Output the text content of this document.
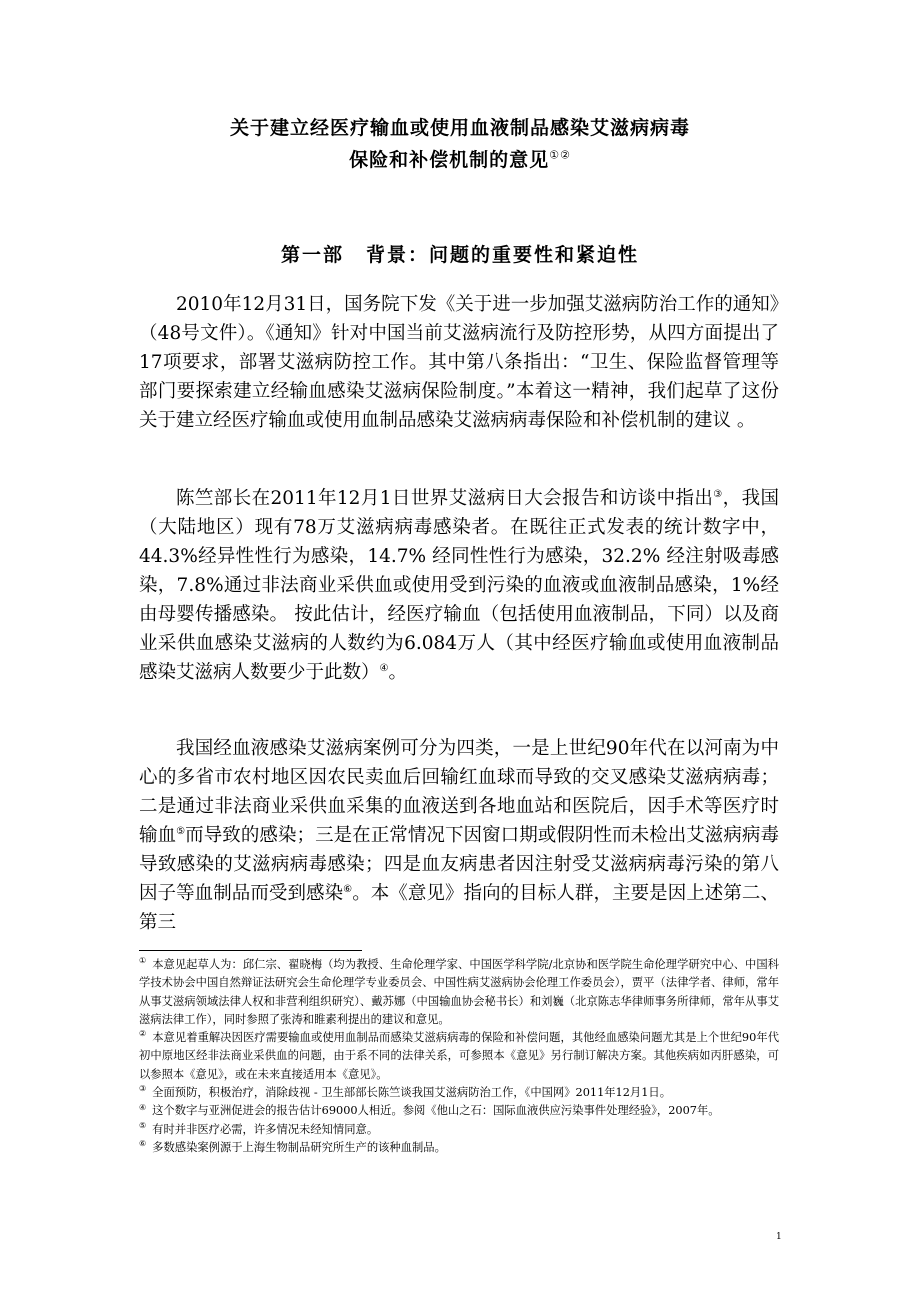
关于建立经医疗输血或使用血液制品感染艾滋病病毒
保险和补偿机制的意见①②
第一部 背景：问题的重要性和紧迫性

2010年12月31日，国务院下发《关于进一步加强艾滋病防治工作的通知》（48号文件）。《通知》针对中国当前艾滋病流行及防控形势，从四方面提出了17项要求，部署艾滋病防控工作。其中第八条指出：“卫生、保险监督管理等部门要探索建立经输血感染艾滋病保险制度。”本着这一精神，我们起草了这份关于建立经医疗输血或使用血制品感染艾滋病病毒保险和补偿机制的建议 。

陈竺部长在2011年12月1日世界艾滋病日大会报告和访谈中指出③，我国（大陆地区）现有78万艾滋病病毒感染者。在既往正式发表的统计数字中，44.3%经异性性行为感染，14.7% 经同性性行为感染，32.2% 经注射吸毒感染，7.8%通过非法商业采供血或使用受到污染的血液或血液制品感染，1%经由母婴传播感染。 按此估计，经医疗输血（包括使用血液制品，下同）以及商业采供血感染艾滋病的人数约为6.084万人（其中经医疗输血或使用血液制品感染艾滋病人数要少于此数）④。

我国经血液感染艾滋病案例可分为四类，一是上世纪90年代在以河南为中心的多省市农村地区因农民卖血后回输红血球而导致的交叉感染艾滋病病毒；二是通过非法商业采供血采集的血液送到各地血站和医院后，因手术等医疗时输血⑤而导致的感染；三是在正常情况下因窗口期或假阴性而未检出艾滋病病毒导致感染的艾滋病病毒感染；四是血友病患者因注射受艾滋病病毒污染的第八因子等血制品而受到感染⑥。本《意见》指向的目标人群，主要是因上述第二、第三

① 本意见起草人为：邱仁宗、翟晓梅（均为教授、生命伦理学家、中国医学科学院/北京协和医学院生命伦理学研究中心、中国科学技术协会中国自然辩证法研究会生命伦理学专业委员会、中国性病艾滋病协会伦理工作委员会），贾平（法律学者、律师，常年从事艾滋病领域法律人权和非营利组织研究）、戴苏娜（中国输血协会秘书长）和刘巍（北京陈志华律师事务所律师，常年从事艾滋病法律工作），同时参照了张涛和睢素利提出的建议和意见。

② 本意见着重解决因医疗需要输血或使用血制品而感染艾滋病病毒的保险和补偿问题，其他经血感染问题尤其是上个世纪90年代初中原地区经非法商业采供血的问题，由于系不同的法律关系，可参照本《意见》另行制订解决方案。其他疾病如丙肝感染，可以参照本《意见》，或在未来直接适用本《意见》。

③ 全面预防，积极治疗，消除歧视 - 卫生部部长陈竺谈我国艾滋病防治工作，《中国网》2011年12月1日。

④ 这个数字与亚洲促进会的报告估计69000人相近。参阅《他山之石：国际血液供应污染事件处理经验》，2007年。

⑤ 有时并非医疗必需，许多情况未经知情同意。

⑥ 多数感染案例源于上海生物制品研究所生产的该种血制品。

1
